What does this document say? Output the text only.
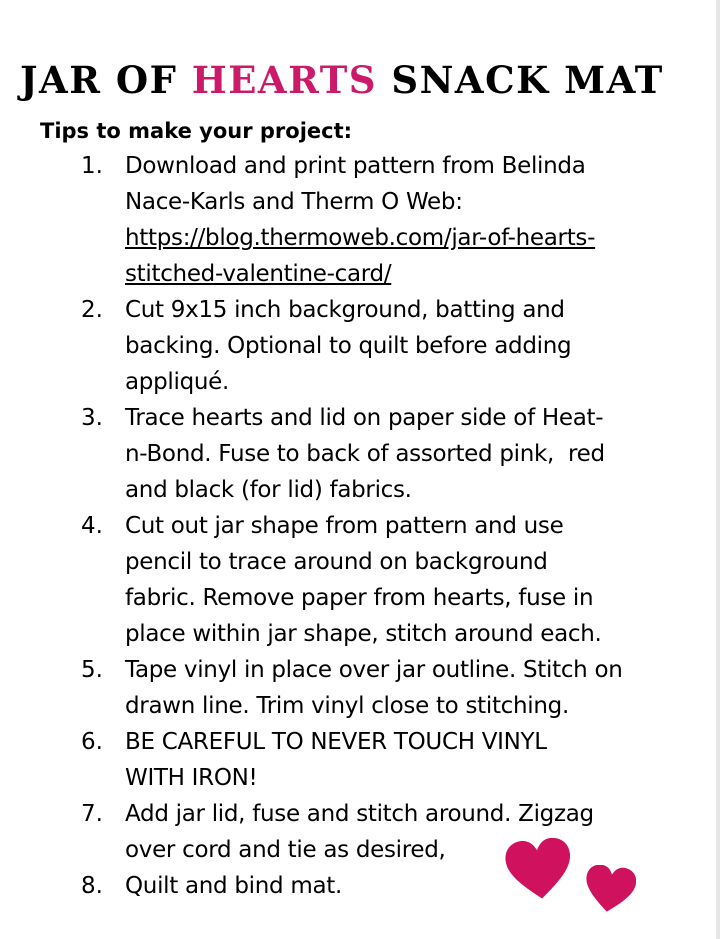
JAR OF HEARTS SNACK MAT
Tips to make your project:
1. Download and print pattern from Belinda
Nace-Karls and Therm O Web:
https://blog.thermoweb.com/jar-of-hearts-
stitched-valentine-card/
2. Cut 9x15 inch background, batting and
backing. Optional to quilt before adding
appliqué.
3. Trace hearts and lid on paper side of Heat-
n-Bond. Fuse to back of assorted pink,  red
and black (for lid) fabrics.
4. Cut out jar shape from pattern and use
pencil to trace around on background
fabric. Remove paper from hearts, fuse in
place within jar shape, stitch around each.
5. Tape vinyl in place over jar outline. Stitch on
drawn line. Trim vinyl close to stitching.
6. BE CAREFUL TO NEVER TOUCH VINYL
WITH IRON!
7. Add jar lid, fuse and stitch around. Zigzag
over cord and tie as desired,
8. Quilt and bind mat.
